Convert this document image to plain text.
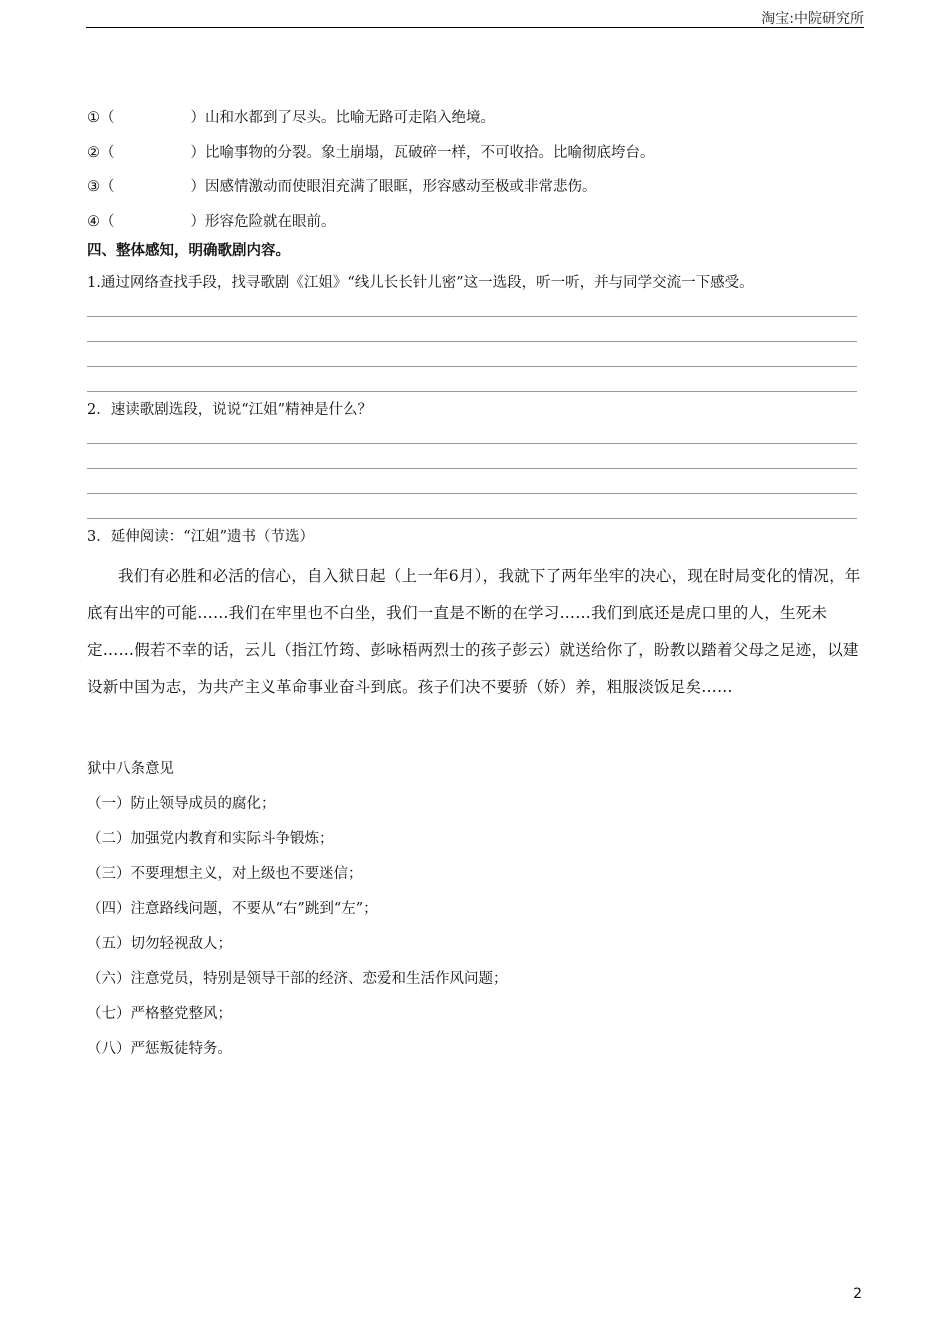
淘宝:中院研究所
①（	）山和水都到了尽头。比喻无路可走陷入绝境。
②（	）比喻事物的分裂。象土崩塌，瓦破碎一样，不可收拾。比喻彻底垮台。
③（	）因感情激动而使眼泪充满了眼眶，形容感动至极或非常悲伤。
④（	）形容危险就在眼前。
四、整体感知，明确歌剧内容。
1.通过网络查找手段，找寻歌剧《江姐》“线儿长长针儿密”这一选段，听一听，并与同学交流一下感受。
2．速读歌剧选段，说说“江姐”精神是什么？
3．延伸阅读：“江姐”遗书（节选）
我们有必胜和必活的信心，自入狱日起（上一年6月），我就下了两年坐牢的决心，现在时局变化的情况，年底有出牢的可能……我们在牢里也不白坐，我们一直是不断的在学习……我们到底还是虎口里的人，生死未定……假若不幸的话，云儿（指江竹筠、彭咏梧两烈士的孩子彭云）就送给你了，盼教以踏着父母之足迹，以建设新中国为志，为共产主义革命事业奋斗到底。孩子们决不要骄（娇）养，粗服淡饭足矣……
狱中八条意见
（一）防止领导成员的腐化；
（二）加强党内教育和实际斗争锻炼；
（三）不要理想主义，对上级也不要迷信；
（四）注意路线问题，不要从“右”跳到“左”；
（五）切勿轻视敌人；
（六）注意党员，特别是领导干部的经济、恋爱和生活作风问题；
（七）严格整党整风；
（八）严惩叛徒特务。
2
